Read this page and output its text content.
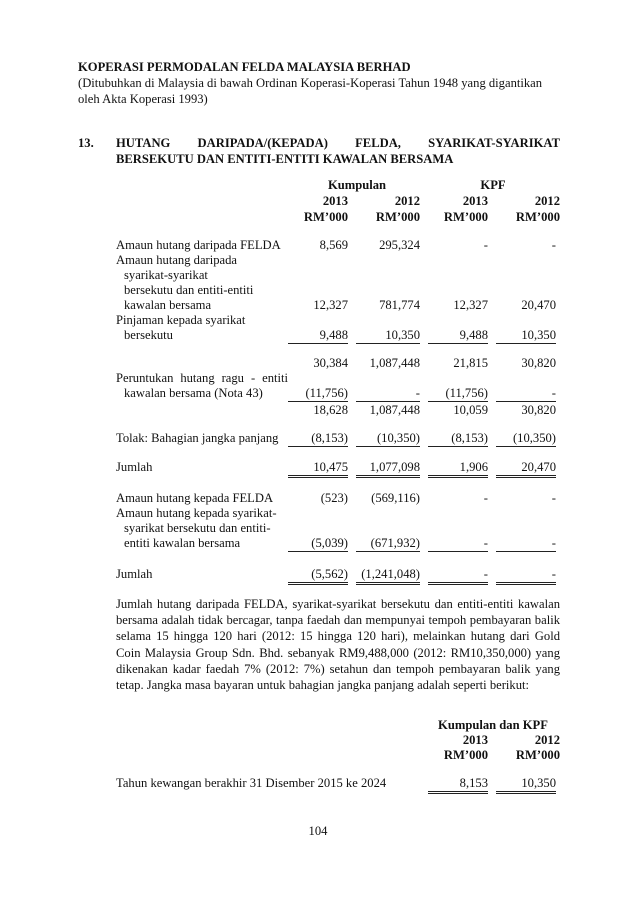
KOPERASI PERMODALAN FELDA MALAYSIA BERHAD
(Ditubuhkan di Malaysia di bawah Ordinan Koperasi-Koperasi Tahun 1948 yang digantikan
oleh Akta Koperasi 1993)
13. HUTANG DARIPADA/(KEPADA) FELDA, SYARIKAT-SYARIKAT
BERSEKUTU DAN ENTITI-ENTITI KAWALAN BERSAMA
Kumpulan	KPF
2013	2012	2013	2012
RM’000	RM’000	RM’000	RM’000
Amaun hutang daripada FELDA	8,569	295,324	-	-
Amaun hutang daripada
syarikat-syarikat
bersekutu dan entiti-entiti
kawalan bersama	12,327	781,774	12,327	20,470
Pinjaman kepada syarikat
bersekutu	9,488	10,350	9,488	10,350
30,384	1,087,448	21,815	30,820
Peruntukan hutang ragu - entiti
kawalan bersama (Nota 43)	(11,756)	-	(11,756)	-
18,628	1,087,448	10,059	30,820
Tolak: Bahagian jangka panjang	(8,153)	(10,350)	(8,153)	(10,350)
Jumlah	10,475	1,077,098	1,906	20,470
Amaun hutang kepada FELDA	(523)	(569,116)	-	-
Amaun hutang kepada syarikat-
syarikat bersekutu dan entiti-
entiti kawalan bersama	(5,039)	(671,932)	-	-
Jumlah	(5,562)	(1,241,048)	-	-
Jumlah hutang daripada FELDA, syarikat-syarikat bersekutu dan entiti-entiti kawalan bersama adalah tidak bercagar, tanpa faedah dan mempunyai tempoh pembayaran balik selama 15 hingga 120 hari (2012: 15 hingga 120 hari), melainkan hutang dari Gold Coin Malaysia Group Sdn. Bhd. sebanyak RM9,488,000 (2012: RM10,350,000) yang dikenakan kadar faedah 7% (2012: 7%) setahun dan tempoh pembayaran balik yang tetap. Jangka masa bayaran untuk bahagian jangka panjang adalah seperti berikut:
Kumpulan dan KPF
2013	2012
RM’000	RM’000
Tahun kewangan berakhir 31 Disember 2015 ke 2024	8,153	10,350
104
